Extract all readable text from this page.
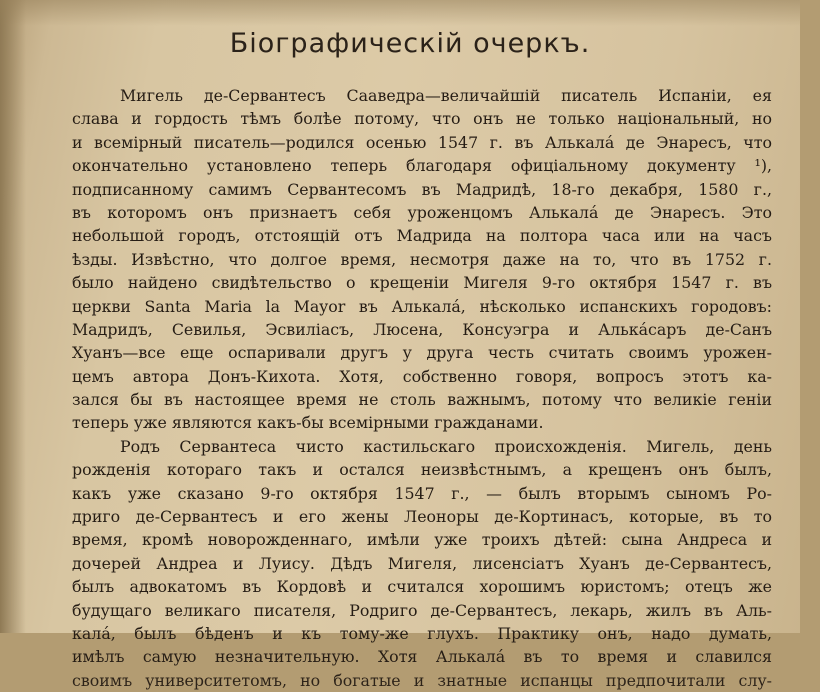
Біографическій очеркъ.
Мигель де-Сервантесъ Сааведра—величайшій писатель Испаніи, ея
слава и гордость тѣмъ болѣе потому, что онъ не только національный, но
и всемірный писатель—родился осенью 1547 г. въ Алькала́ де Энаресъ, что
окончательно установлено теперь благодаря офиціальному документу ¹),
подписанному самимъ Сервантесомъ въ Мадридѣ, 18-го декабря, 1580 г.,
въ которомъ онъ признаетъ себя уроженцомъ Алькала́ де Энаресъ. Это
небольшой городъ, отстоящій отъ Мадрида на полтора часа или на часъ
ѣзды. Извѣстно, что долгое время, несмотря даже на то, что въ 1752 г.
было найдено свидѣтельство о крещеніи Мигеля 9-го октября 1547 г. въ
церкви Santa Maria la Mayor въ Алькала́, нѣсколько испанскихъ городовъ:
Мадридъ, Севилья, Эсвиліасъ, Люсена, Консуэгра и Алька́саръ де-Санъ
Хуанъ—все еще оспаривали другъ у друга честь считать своимъ урожен-
цемъ автора Донъ-Кихота. Хотя, собственно говоря, вопросъ этотъ ка-
зался бы въ настоящее время не столь важнымъ, потому что великіе геніи
теперь уже являются какъ-бы всемірными гражданами.
Родъ Сервантеса чисто кастильскаго происхожденія. Мигель, день
рожденія котораго такъ и остался неизвѣстнымъ, а крещенъ онъ былъ,
какъ уже сказано 9-го октября 1547 г., — былъ вторымъ сыномъ Ро-
дриго де-Сервантесъ и его жены Леоноры де-Кортинасъ, которые, въ то
время, кромѣ новорожденнаго, имѣли уже троихъ дѣтей: сына Андреса и
дочерей Андреа и Луису. Дѣдъ Мигеля, лисенсіатъ Хуанъ де-Сервантесъ,
былъ адвокатомъ въ Кордовѣ и считался хорошимъ юристомъ; отецъ же
будущаго великаго писателя, Родриго де-Сервантесъ, лекарь, жилъ въ Аль-
кала́, былъ бѣденъ и къ тому-же глухъ. Практику онъ, надо думать,
имѣлъ самую незначительную. Хотя Алькала́ въ то время и славился
своимъ университетомъ, но богатые и знатные испанцы предпочитали слу-
